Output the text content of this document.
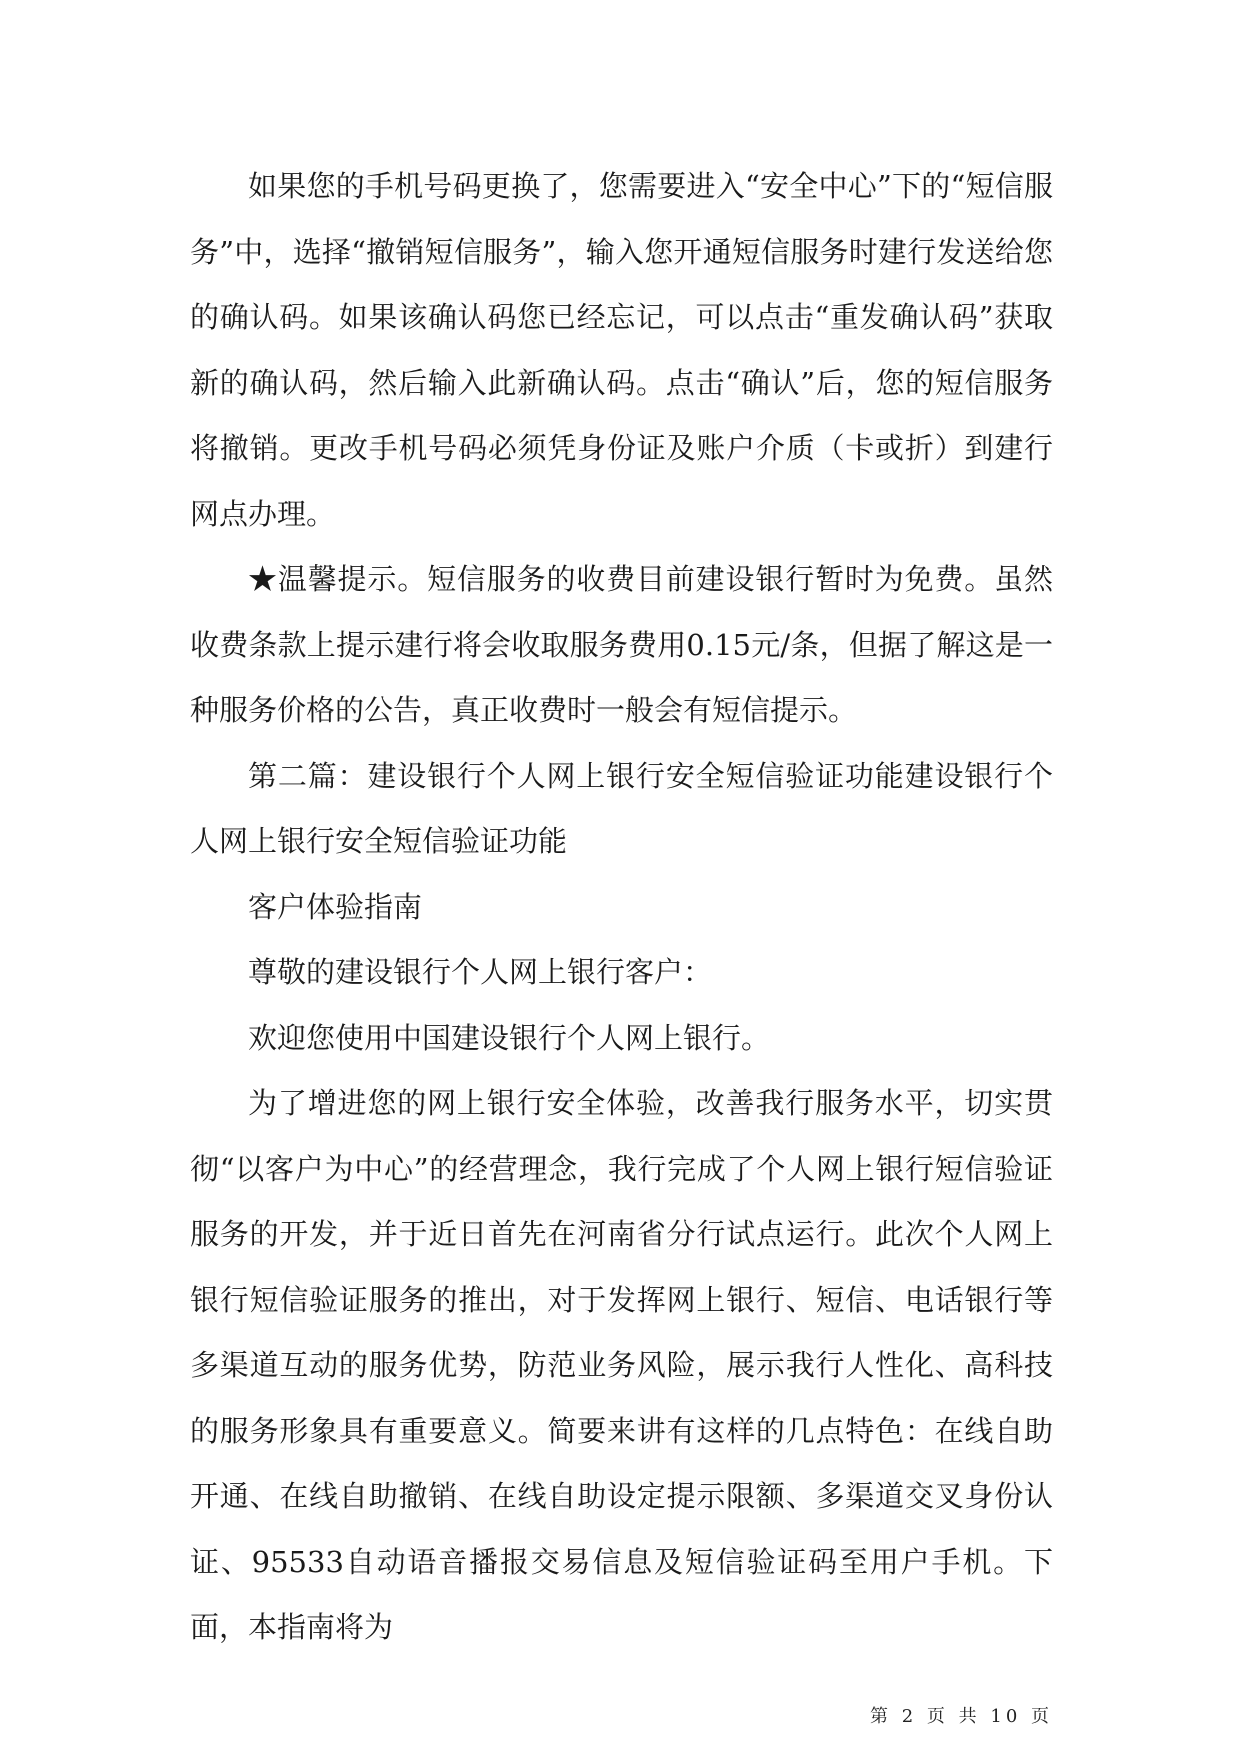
如果您的手机号码更换了，您需要进入“安全中心”下的“短信服务”中，选择“撤销短信服务”，输入您开通短信服务时建行发送给您的确认码。如果该确认码您已经忘记，可以点击“重发确认码”获取新的确认码，然后输入此新确认码。点击“确认”后，您的短信服务将撤销。更改手机号码必须凭身份证及账户介质（卡或折）到建行网点办理。

★温馨提示。短信服务的收费目前建设银行暂时为免费。虽然收费条款上提示建行将会收取服务费用0.15元/条，但据了解这是一种服务价格的公告，真正收费时一般会有短信提示。

第二篇：建设银行个人网上银行安全短信验证功能建设银行个人网上银行安全短信验证功能

客户体验指南

尊敬的建设银行个人网上银行客户：

欢迎您使用中国建设银行个人网上银行。

为了增进您的网上银行安全体验，改善我行服务水平，切实贯彻“以客户为中心”的经营理念，我行完成了个人网上银行短信验证服务的开发，并于近日首先在河南省分行试点运行。此次个人网上银行短信验证服务的推出，对于发挥网上银行、短信、电话银行等多渠道互动的服务优势，防范业务风险，展示我行人性化、高科技的服务形象具有重要意义。简要来讲有这样的几点特色：在线自助开通、在线自助撤销、在线自助设定提示限额、多渠道交叉身份认证、95533自动语音播报交易信息及短信验证码至用户手机。下面，本指南将为

第 2 页 共 10 页
